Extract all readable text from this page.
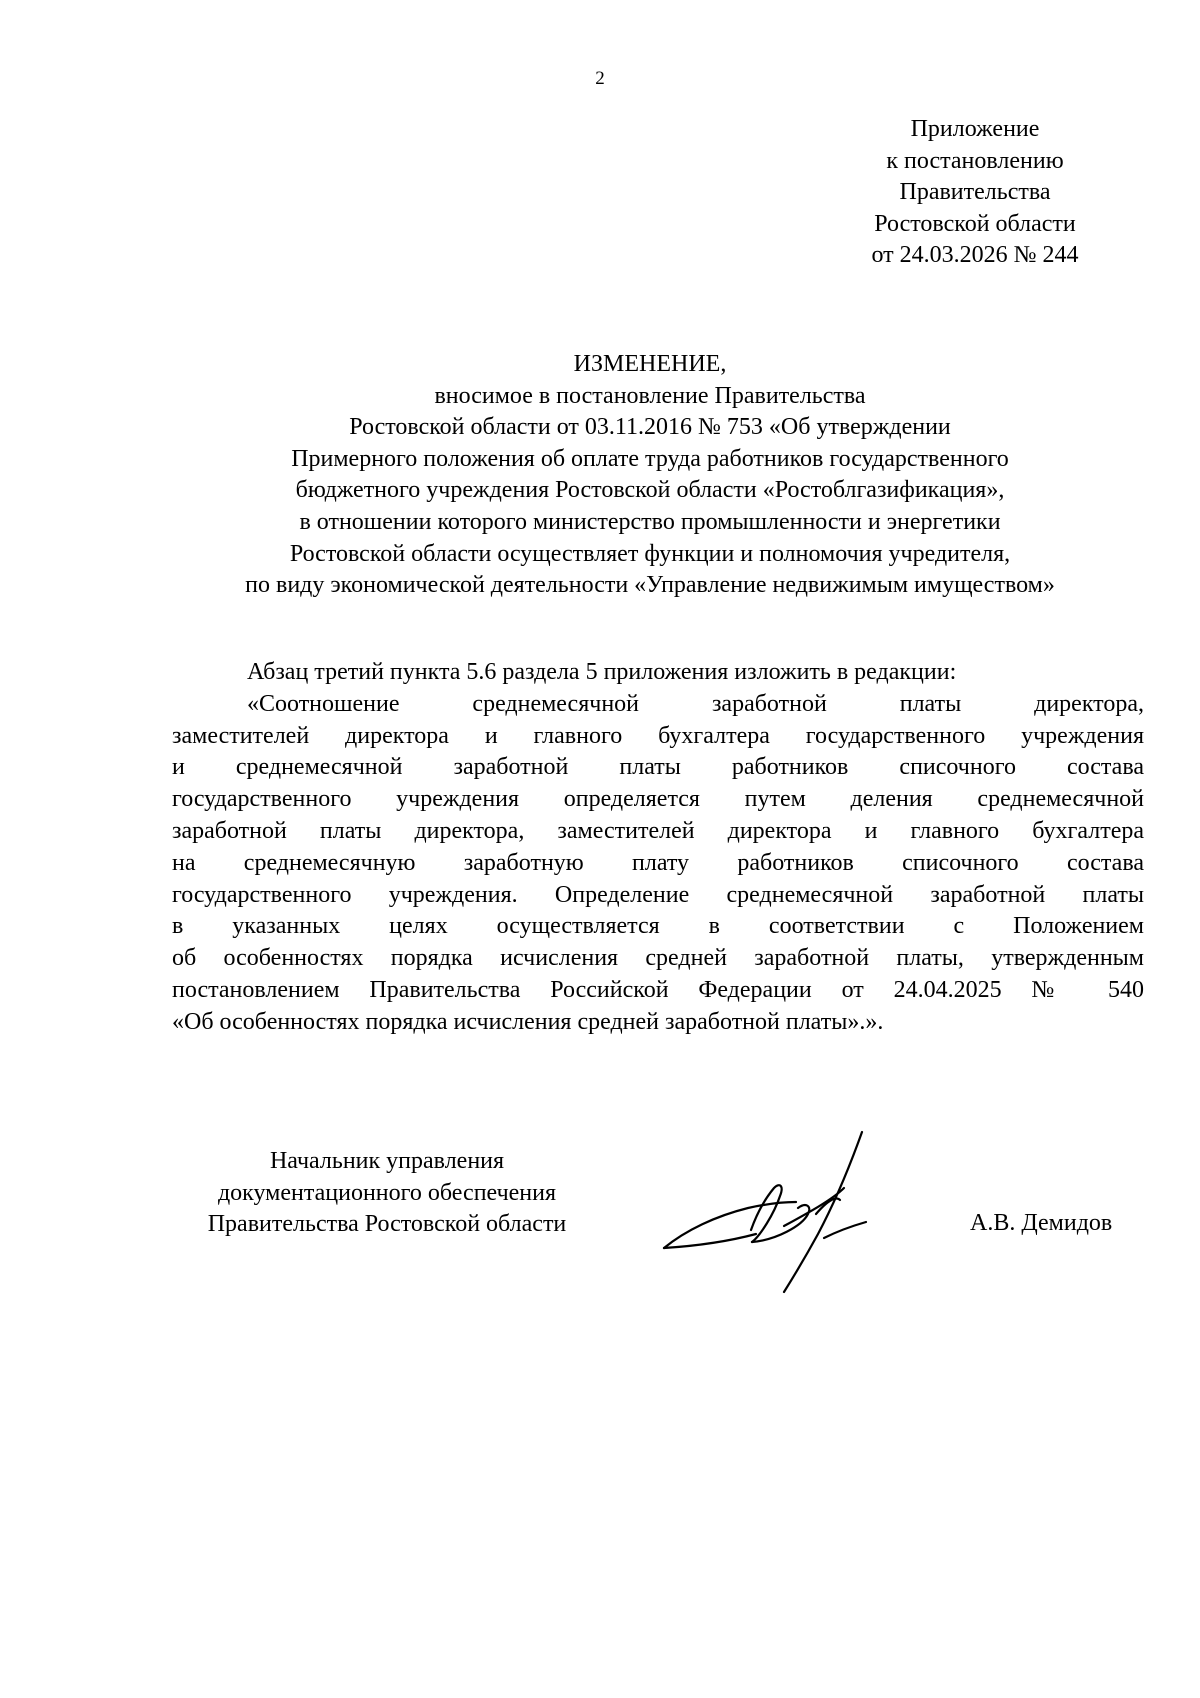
2
Приложение
к постановлению
Правительства
Ростовской области
от 24.03.2026 № 244
ИЗМЕНЕНИЕ,
вносимое в постановление Правительства
Ростовской области от 03.11.2016 № 753 «Об утверждении
Примерного положения об оплате труда работников государственного
бюджетного учреждения Ростовской области «Ростоблгазификация»,
в отношении которого министерство промышленности и энергетики
Ростовской области осуществляет функции и полномочия учредителя,
по виду экономической деятельности «Управление недвижимым имуществом»
Абзац третий пункта 5.6 раздела 5 приложения изложить в редакции:
«Соотношение среднемесячной заработной платы директора,
заместителей директора и главного бухгалтера государственного учреждения
и среднемесячной заработной платы работников списочного состава
государственного учреждения определяется путем деления среднемесячной
заработной платы директора, заместителей директора и главного бухгалтера
на среднемесячную заработную плату работников списочного состава
государственного учреждения. Определение среднемесячной заработной платы
в указанных целях осуществляется в соответствии с Положением
об особенностях порядка исчисления средней заработной платы, утвержденным
постановлением Правительства Российской Федерации от 24.04.2025 № 540
«Об особенностях порядка исчисления средней заработной платы».».
Начальник управления
документационного обеспечения
Правительства Ростовской области	А.В. Демидов
